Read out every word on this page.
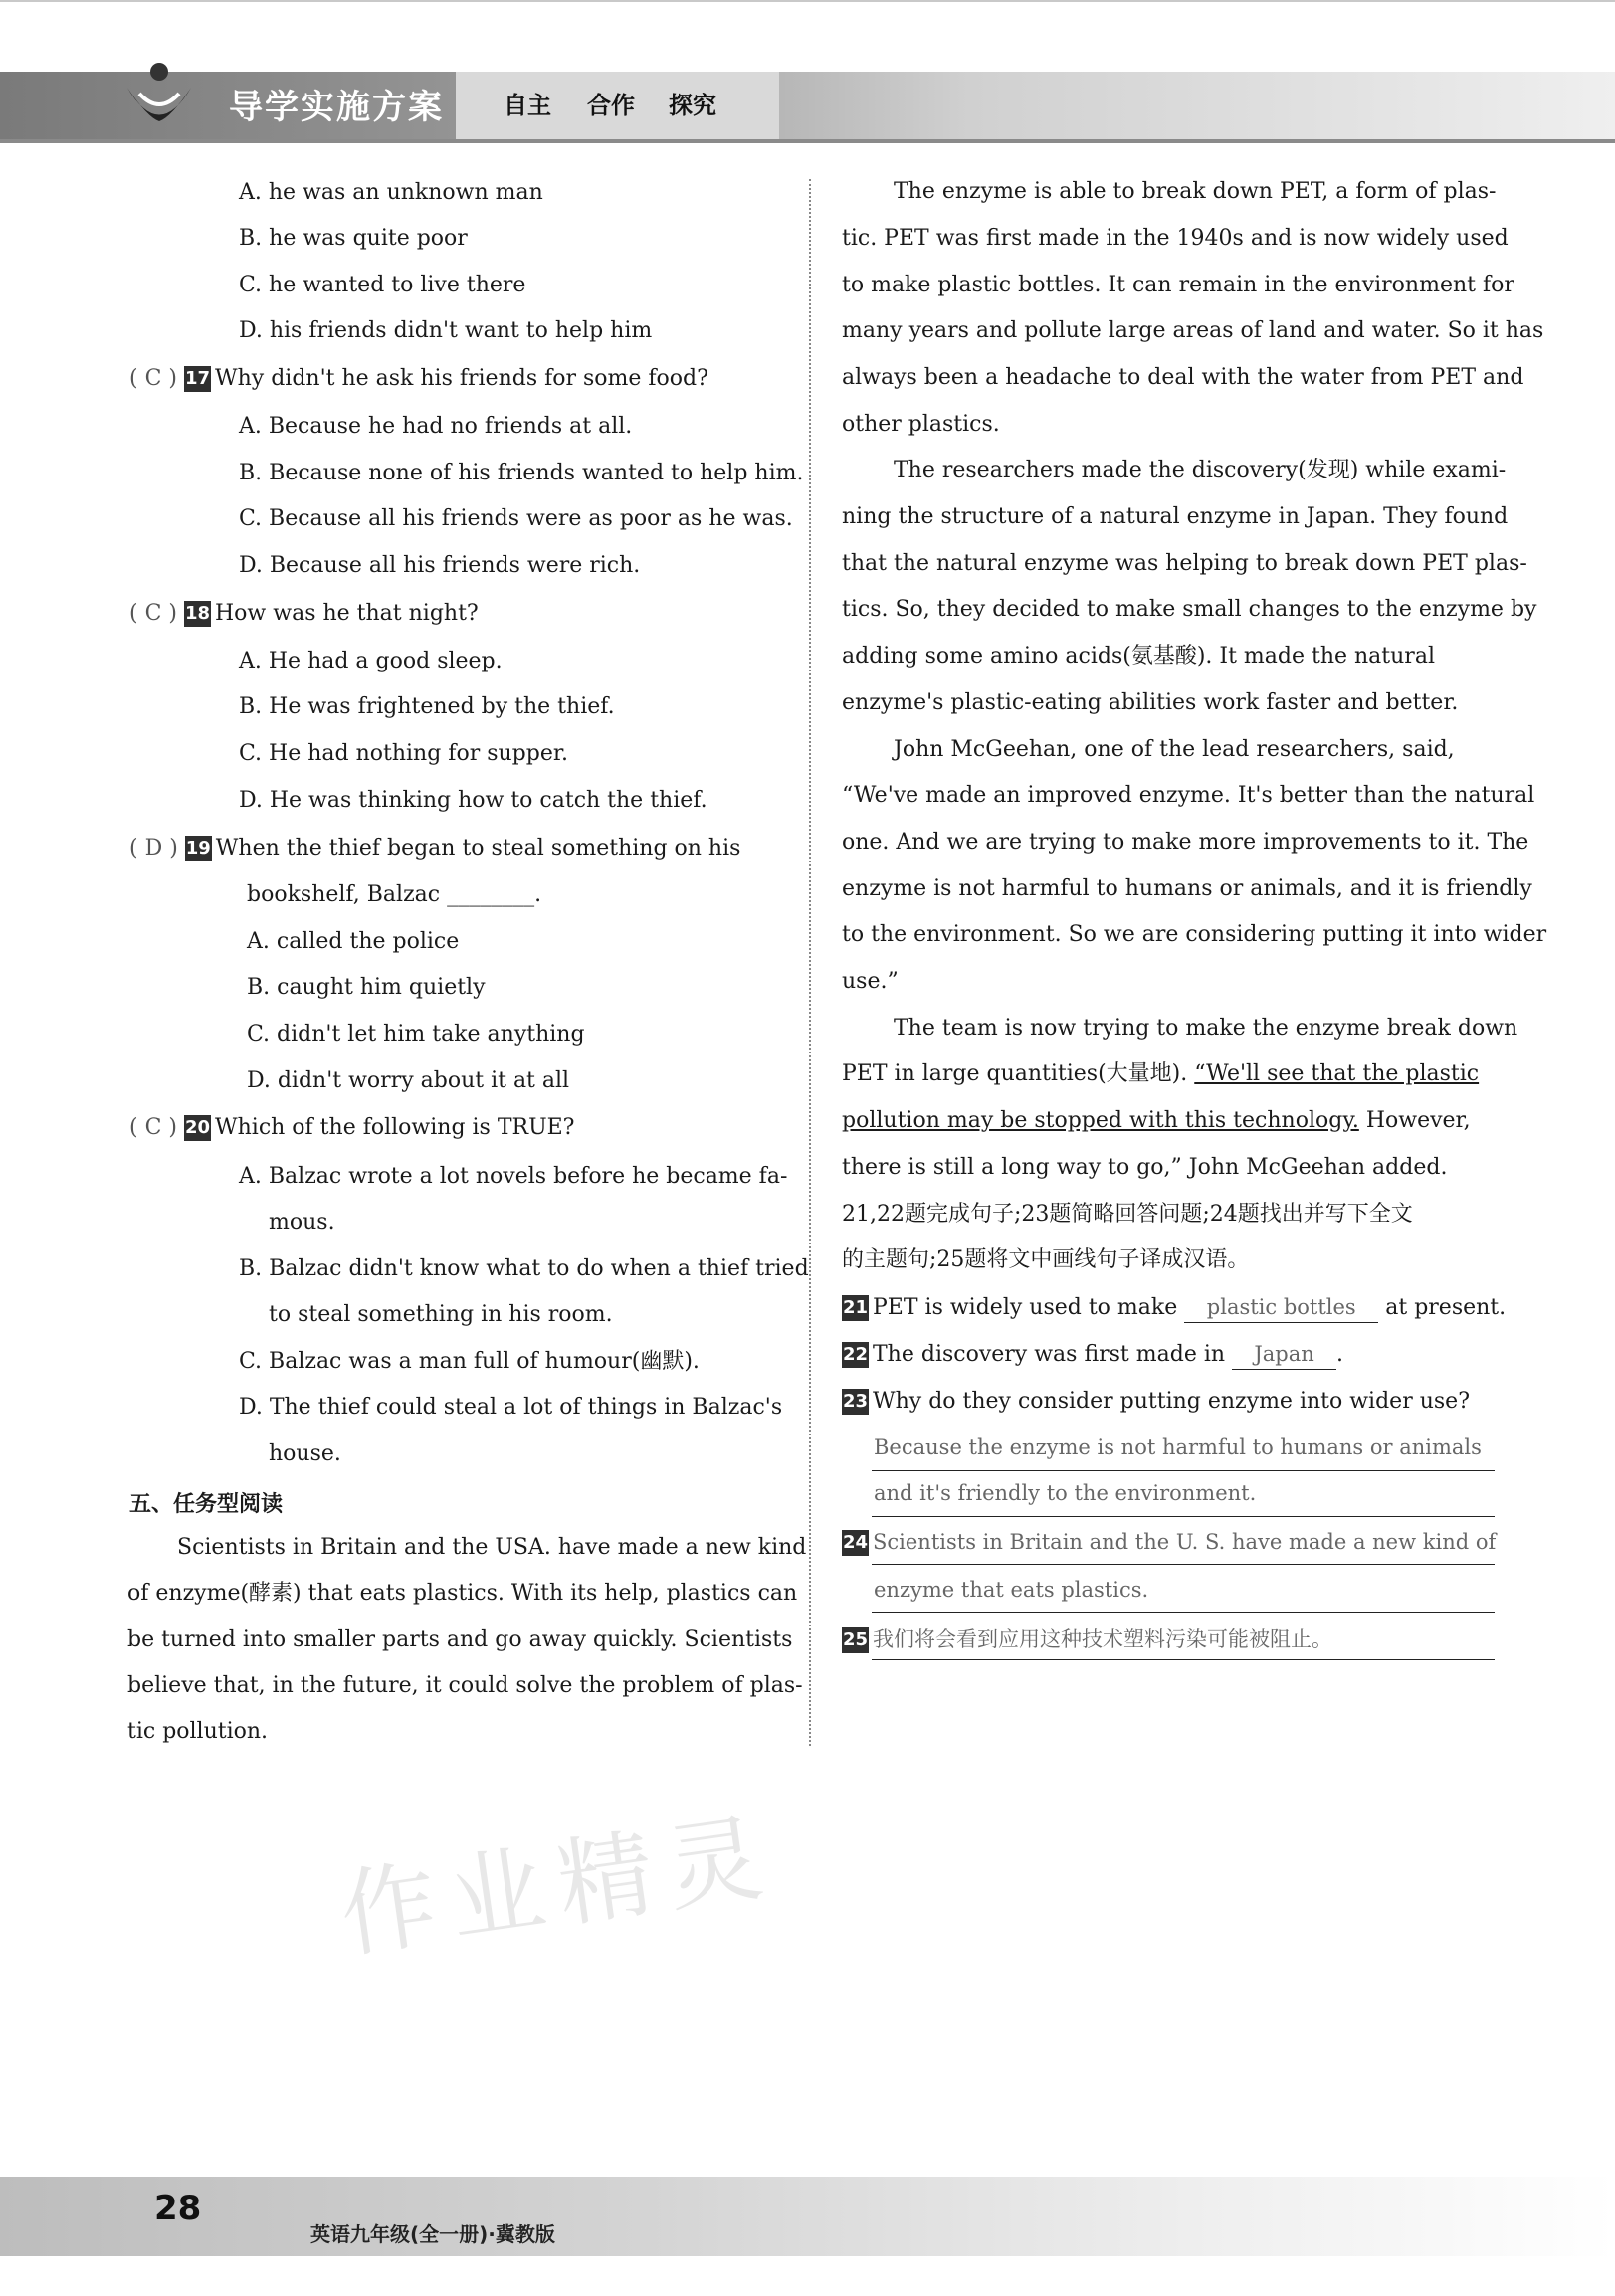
导学实施方案	自主 合作 探究
A. he was an unknown man
B. he was quite poor
C. he wanted to live there
D. his friends didn't want to help him
( C ) 17 Why didn't he ask his friends for some food?
A. Because he had no friends at all.
B. Because none of his friends wanted to help him.
C. Because all his friends were as poor as he was.
D. Because all his friends were rich.
( C ) 18 How was he that night?
A. He had a good sleep.
B. He was frightened by the thief.
C. He had nothing for supper.
D. He was thinking how to catch the thief.
( D ) 19 When the thief began to steal something on his
bookshelf, Balzac ________.
A. called the police
B. caught him quietly
C. didn't let him take anything
D. didn't worry about it at all
( C ) 20 Which of the following is TRUE?
A. Balzac wrote a lot novels before he became fa-
mous.
B. Balzac didn't know what to do when a thief tried
to steal something in his room.
C. Balzac was a man full of humour(幽默).
D. The thief could steal a lot of things in Balzac's
house.
五、任务型阅读
Scientists in Britain and the USA. have made a new kind
of enzyme(酵素) that eats plastics. With its help, plastics can
be turned into smaller parts and go away quickly. Scientists
believe that, in the future, it could solve the problem of plas-
tic pollution.
The enzyme is able to break down PET, a form of plas-
tic. PET was first made in the 1940s and is now widely used
to make plastic bottles. It can remain in the environment for
many years and pollute large areas of land and water. So it has
always been a headache to deal with the water from PET and
other plastics.
The researchers made the discovery(发现) while exami-
ning the structure of a natural enzyme in Japan. They found
that the natural enzyme was helping to break down PET plas-
tics. So, they decided to make small changes to the enzyme by
adding some amino acids(氨基酸). It made the natural
enzyme's plastic-eating abilities work faster and better.
John McGeehan, one of the lead researchers, said,
“We've made an improved enzyme. It's better than the natural
one. And we are trying to make more improvements to it. The
enzyme is not harmful to humans or animals, and it is friendly
to the environment. So we are considering putting it into wider
use.”
The team is now trying to make the enzyme break down
PET in large quantities(大量地). “We'll see that the plastic
pollution may be stopped with this technology. However,
there is still a long way to go,” John McGeehan added.
21,22题完成句子;23题简略回答问题;24题找出并写下全文
的主题句;25题将文中画线句子译成汉语。
21 PET is widely used to make plastic bottles at present.
22 The discovery was first made in Japan .
23 Why do they consider putting enzyme into wider use?
Because the enzyme is not harmful to humans or animals
and it's friendly to the environment.
24 Scientists in Britain and the U. S. have made a new kind of
enzyme that eats plastics.
25 我们将会看到应用这种技术塑料污染可能被阻止。
作业精灵
28
英语九年级(全一册)·冀教版
